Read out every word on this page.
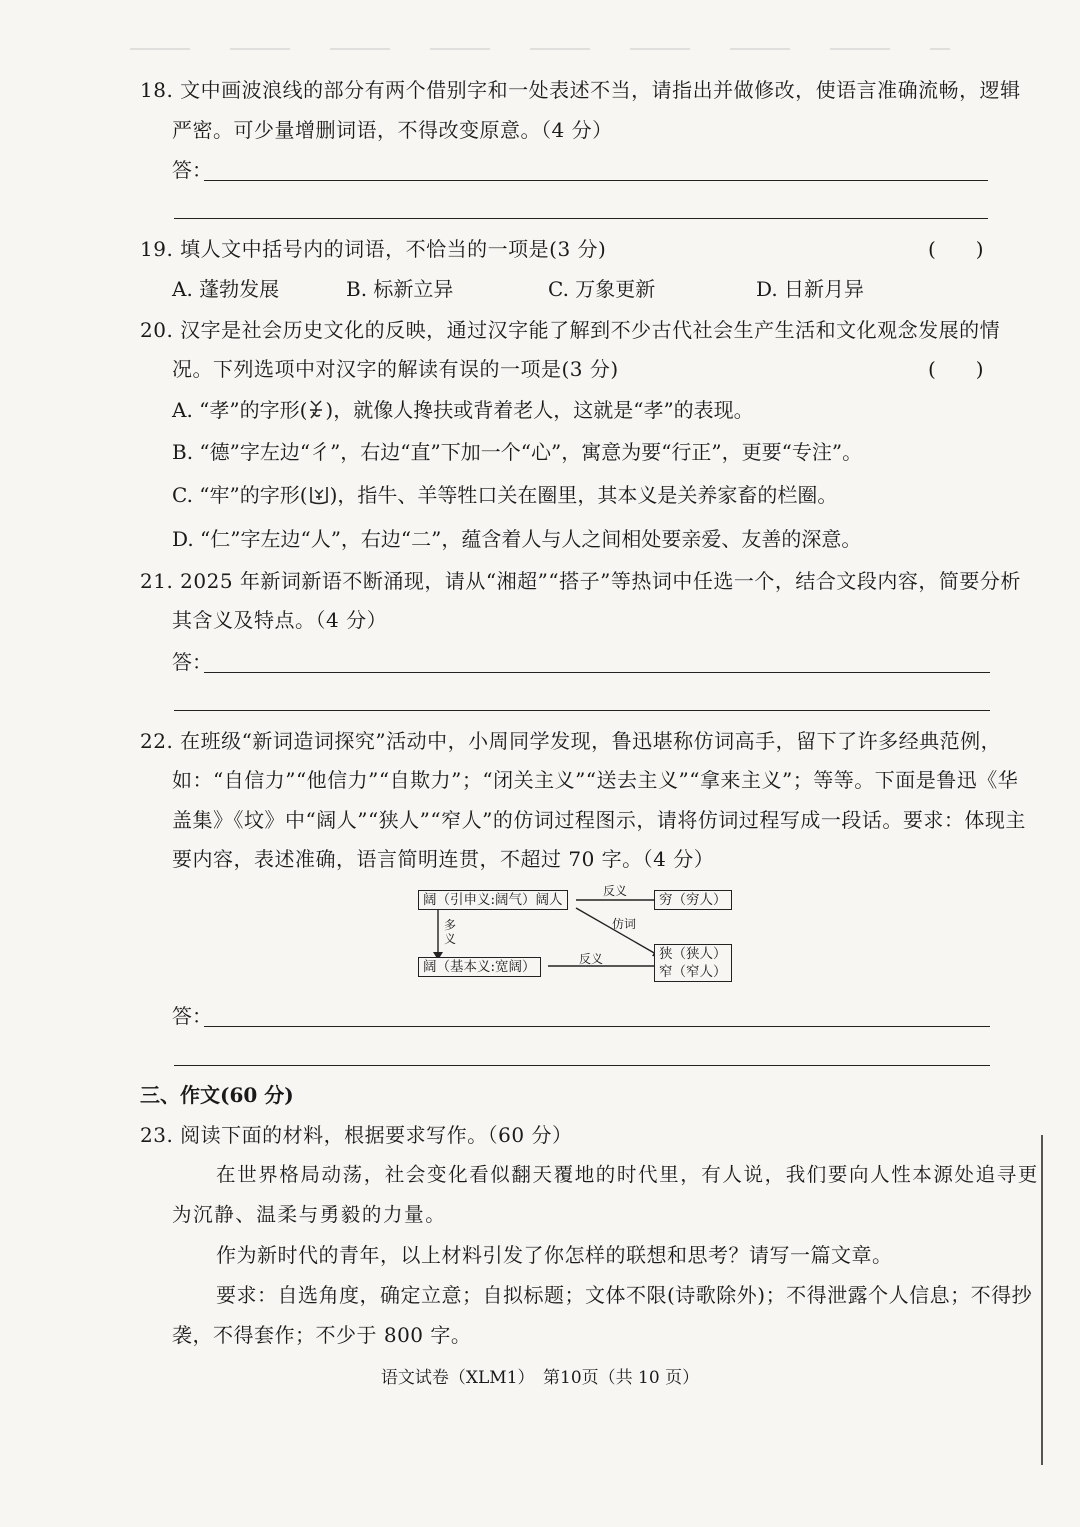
18. 文中画波浪线的部分有两个借别字和一处表述不当，请指出并做修改，使语言准确流畅，逻辑
严密。可少量增删词语，不得改变原意。（4 分）
答：
19. 填人文中括号内的词语，不恰当的一项是(3 分)	(　　)
A. 蓬勃发展	B. 标新立异	C. 万象更新	D. 日新月异
20. 汉字是社会历史文化的反映，通过汉字能了解到不少古代社会生产生活和文化观念发展的情
况。下列选项中对汉字的解读有误的一项是(3 分)	(　　)
A. “孝”的字形( )，就像人搀扶或背着老人，这就是“孝”的表现。
B. “德”字左边“彳”，右边“直”下加一个“心”，寓意为要“行正”，更要“专注”。
C. “牢”的字形( )，指牛、羊等牲口关在圈里，其本义是关养家畜的栏圈。
D. “仁”字左边“人”，右边“二”，蕴含着人与人之间相处要亲爱、友善的深意。
21. 2025 年新词新语不断涌现，请从“湘超”“搭子”等热词中任选一个，结合文段内容，简要分析
其含义及特点。（4 分）
答：
22. 在班级“新词造词探究”活动中，小周同学发现，鲁迅堪称仿词高手，留下了许多经典范例，
如：“自信力”“他信力”“自欺力”；“闭关主义”“送去主义”“拿来主义”；等等。下面是鲁迅《华
盖集》《坟》中“阔人”“狭人”“窄人”的仿词过程图示，请将仿词过程写成一段话。要求：体现主
要内容，表述准确，语言简明连贯，不超过 70 字。（4 分）
阔（引申义:阔气）阔人	穷（穷人）
阔（基本义:宽阔）
狭（狭人）
窄（窄人）
反义
仿词
反义
多
义
答：
三、作文(60 分)
23. 阅读下面的材料，根据要求写作。（60 分）
在世界格局动荡，社会变化看似翻天覆地的时代里，有人说，我们要向人性本源处追寻更
为沉静、温柔与勇毅的力量。
作为新时代的青年，以上材料引发了你怎样的联想和思考？请写一篇文章。
要求：自选角度，确定立意；自拟标题；文体不限(诗歌除外)；不得泄露个人信息；不得抄
袭，不得套作；不少于 800 字。
语文试卷（XLM1）　第10页（共 10 页）
